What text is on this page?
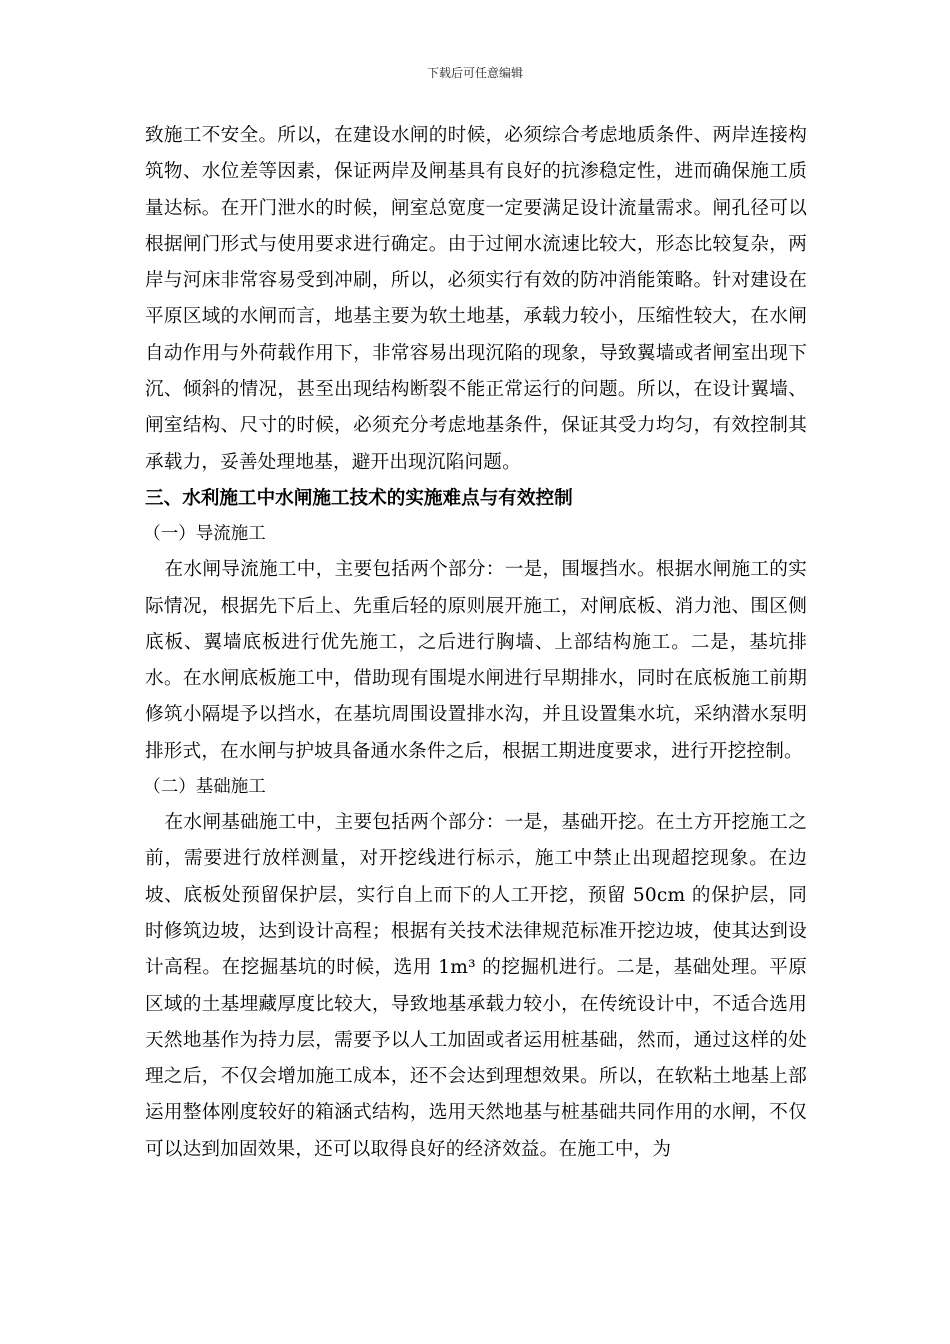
下载后可任意编辑

致施工不安全。所以，在建设水闸的时候，必须综合考虑地质条件、两岸连接构筑物、水位差等因素，保证两岸及闸基具有良好的抗渗稳定性，进而确保施工质量达标。在开门泄水的时候，闸室总宽度一定要满足设计流量需求。闸孔径可以根据闸门形式与使用要求进行确定。由于过闸水流速比较大，形态比较复杂，两岸与河床非常容易受到冲刷，所以，必须实行有效的防冲消能策略。针对建设在平原区域的水闸而言，地基主要为软土地基，承载力较小，压缩性较大，在水闸自动作用与外荷载作用下，非常容易出现沉陷的现象，导致翼墙或者闸室出现下沉、倾斜的情况，甚至出现结构断裂不能正常运行的问题。所以，在设计翼墙、闸室结构、尺寸的时候，必须充分考虑地基条件，保证其受力均匀，有效控制其承载力，妥善处理地基，避开出现沉陷问题。

三、水利施工中水闸施工技术的实施难点与有效控制

（一）导流施工

在水闸导流施工中，主要包括两个部分：一是，围堰挡水。根据水闸施工的实际情况，根据先下后上、先重后轻的原则展开施工，对闸底板、消力池、围区侧底板、翼墙底板进行优先施工，之后进行胸墙、上部结构施工。二是，基坑排水。在水闸底板施工中，借助现有围堤水闸进行早期排水，同时在底板施工前期修筑小隔堤予以挡水，在基坑周围设置排水沟，并且设置集水坑，采纳潜水泵明排形式，在水闸与护坡具备通水条件之后，根据工期进度要求，进行开挖控制。

（二）基础施工

在水闸基础施工中，主要包括两个部分：一是，基础开挖。在土方开挖施工之前，需要进行放样测量，对开挖线进行标示，施工中禁止出现超挖现象。在边坡、底板处预留保护层，实行自上而下的人工开挖，预留 50cm 的保护层，同时修筑边坡，达到设计高程；根据有关技术法律规范标准开挖边坡，使其达到设计高程。在挖掘基坑的时候，选用 1m³ 的挖掘机进行。二是，基础处理。平原区域的土基埋藏厚度比较大，导致地基承载力较小，在传统设计中，不适合选用天然地基作为持力层，需要予以人工加固或者运用桩基础，然而，通过这样的处理之后，不仅会增加施工成本，还不会达到理想效果。所以，在软粘土地基上部运用整体刚度较好的箱涵式结构，选用天然地基与桩基础共同作用的水闸，不仅可以达到加固效果，还可以取得良好的经济效益。在施工中，为
